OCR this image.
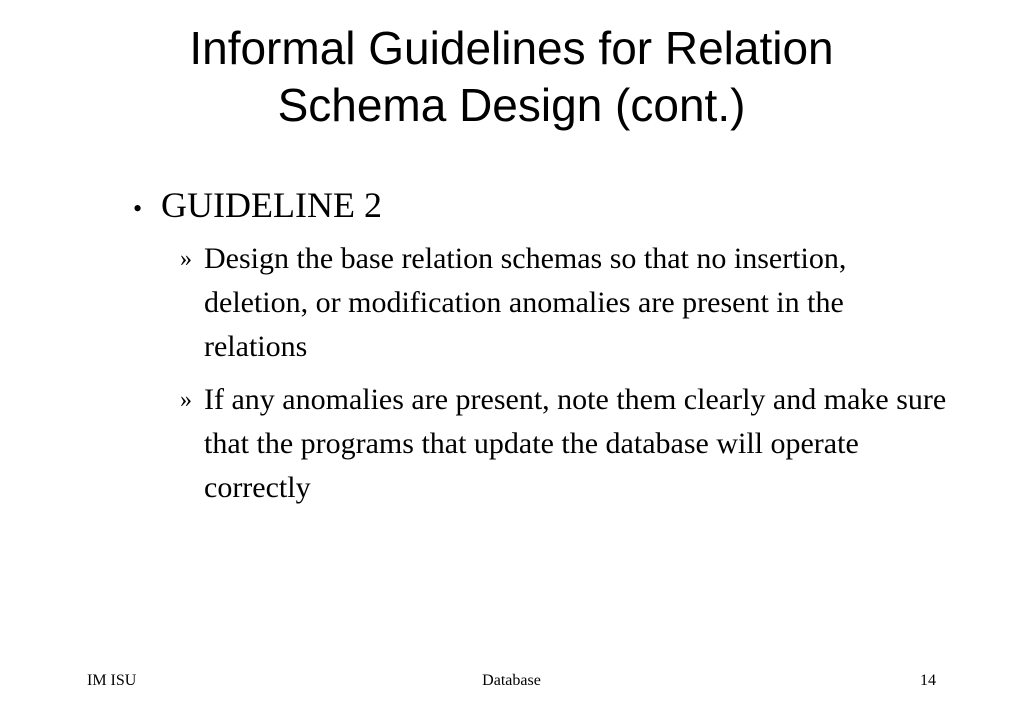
Informal Guidelines for Relation
Schema Design (cont.)
• GUIDELINE 2
» Design the base relation schemas so that no insertion, deletion, or modification anomalies are present in the relations
» If any anomalies are present, note them clearly and make sure that the programs that update the database will operate correctly
IM ISU	Database	14
